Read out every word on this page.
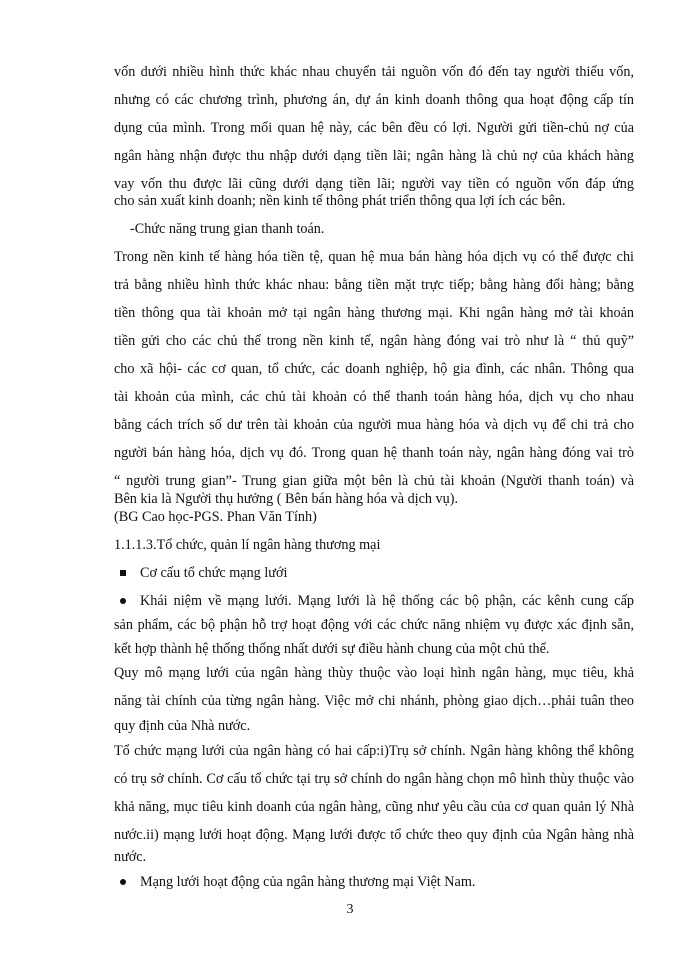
vốn dưới nhiều hình thức khác nhau chuyển tải nguồn vốn đó đến tay người thiếu vốn,
nhưng có các chương trình, phương án, dự án kinh doanh thông qua hoạt động cấp tín
dụng của mình. Trong mối quan hệ này, các bên đều có lợi. Người gửi tiền-chủ nợ của
ngân hàng nhận được thu nhập dưới dạng tiền lãi; ngân hàng là chủ nợ của khách hàng
vay vốn thu được lãi cũng dưới dạng tiền lãi; người vay tiền có nguồn vốn đáp ứng
cho sản xuất kinh doanh; nền kinh tế thông phát triển thông qua lợi ích các bên.
-Chức năng trung gian thanh toán.
Trong nền kinh tế hàng hóa tiền tệ, quan hệ mua bán hàng hóa dịch vụ có thể được chi
trả bằng nhiều hình thức khác nhau: bằng tiền mặt trực tiếp; bằng hàng đổi hàng; bằng
tiền thông qua tài khoản mở tại ngân hàng thương mại. Khi ngân hàng mở tài khoản
tiền gửi cho các chủ thể trong nền kinh tế, ngân hàng đóng vai trò như là “ thủ quỹ”
cho xã hội- các cơ quan, tổ chức, các doanh nghiệp, hộ gia đình, các nhân. Thông qua
tài khoản của mình, các chủ tài khoản có thể thanh toán hàng hóa, dịch vụ cho nhau
bằng cách trích số dư trên tài khoản của người mua hàng hóa và dịch vụ để chi trả cho
người bán hàng hóa, dịch vụ đó. Trong quan hệ thanh toán này, ngân hàng đóng vai trò
“ người trung gian”- Trung gian giữa một bên là chủ tài khoản (Người thanh toán) và
Bên kia là Người thụ hưởng ( Bên bán hàng hóa và dịch vụ).
(BG Cao học-PGS. Phan Văn Tính)
1.1.1.3.Tổ chức, quản lí ngân hàng thương mại
Cơ cấu tổ chức mạng lưới
Khái niệm về mạng lưới. Mạng lưới là hệ thống các bộ phận, các kênh cung cấp
sản phẩm, các bộ phận hỗ trợ hoạt động với các chức năng nhiệm vụ được xác định sẵn,
kết hợp thành hệ thống thống nhất dưới sự điều hành chung của một chủ thể.
Quy mô mạng lưới của ngân hàng thùy thuộc vào loại hình ngân hàng, mục tiêu, khả
năng tài chính của từng ngân hàng. Việc mở chi nhánh, phòng giao dịch…phải tuân theo
quy định của Nhà nước.
Tổ chức mạng lưới của ngân hàng có hai cấp:i)Trụ sở chính. Ngân hàng không thể không
có trụ sở chính. Cơ cấu tổ chức tại trụ sở chính do ngân hàng chọn mô hình thùy thuộc vào
khả năng, mục tiêu kinh doanh của ngân hàng, cũng như yêu cầu của cơ quan quản lý Nhà
nước.ii) mạng lưới hoạt động. Mạng lưới được tổ chức theo quy định của Ngân hàng nhà
nước.
Mạng lưới hoạt động của ngân hàng thương mại Việt Nam.
3
